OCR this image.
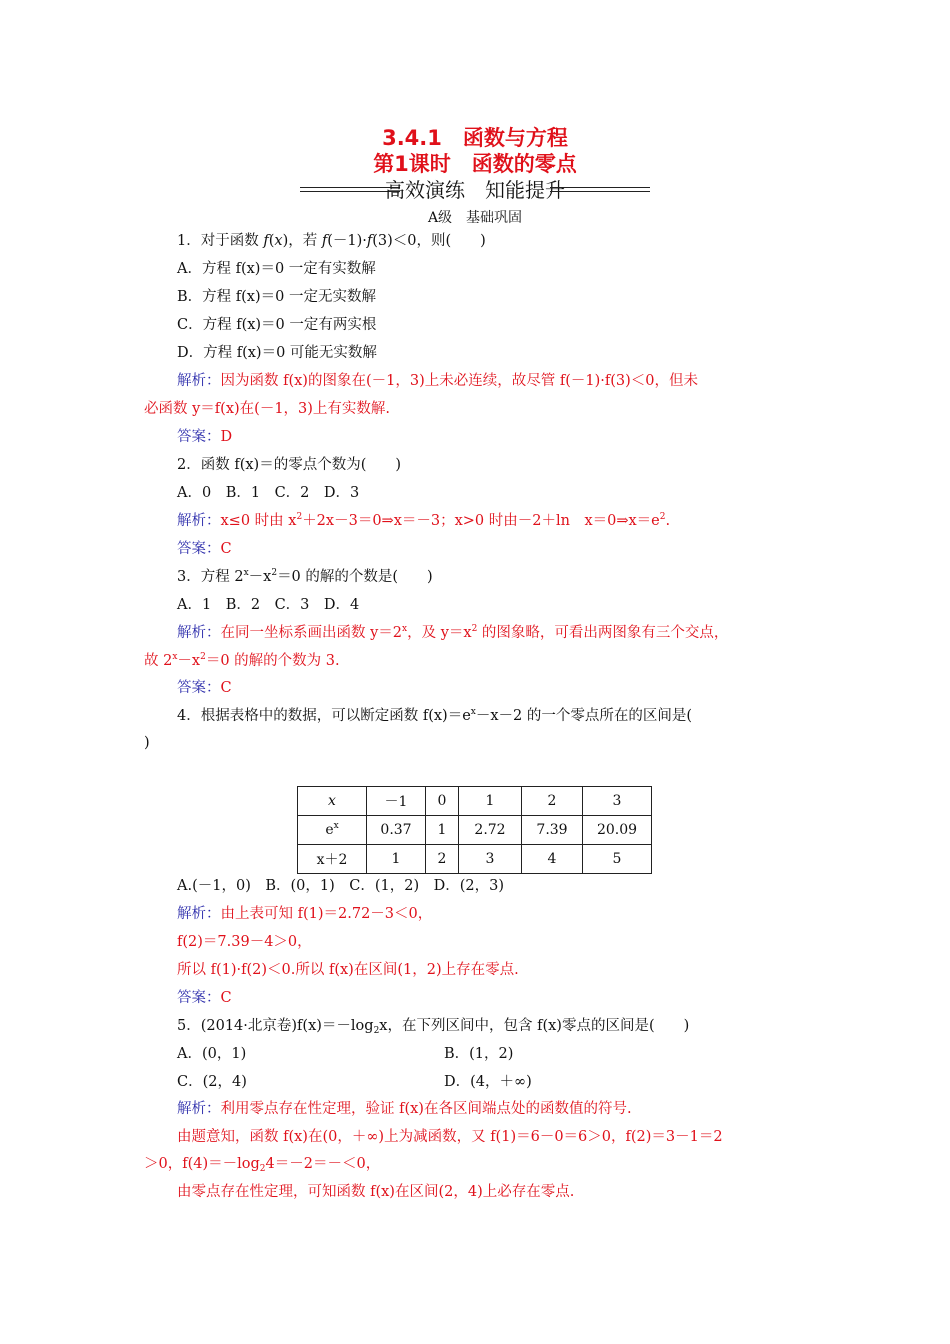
3.4.1　函数与方程
第1课时　函数的零点
高效演练　知能提升
A级　基础巩固
1．对于函数 f(x)，若 f(－1)·f(3)＜0，则(　　)
A．方程 f(x)＝0 一定有实数解
B．方程 f(x)＝0 一定无实数解
C．方程 f(x)＝0 一定有两实根
D．方程 f(x)＝0 可能无实数解
解析：因为函数 f(x)的图象在(－1，3)上未必连续，故尽管 f(－1)·f(3)＜0，但未
必函数 y＝f(x)在(－1，3)上有实数解.
答案：D
2．函数 f(x)＝的零点个数为(　　)
A．0　B．1　C．2　D．3
解析：x≤0 时由 $x^2+2x-3=0\Rightarrow x=-3$；x>0 时由－2＋ln　$x=0\Rightarrow x=e^2$.
答案：C
3．方程 $2^x-x^2=0$ 的解的个数是(　　)
A．1　B．2　C．3　D．4
解析：在同一坐标系画出函数 $y=2^x$，及 $y=x^2$ 的图象略，可看出两图象有三个交点，
故 $2^x-x^2=0$ 的解的个数为 3.
答案：C
4．根据表格中的数据，可以断定函数 $f(x)=e^x-x-2$ 的一个零点所在的区间是(
)
x	－1	0	1	2	3
$e^x$	0.37	1	2.72	7.39	20.09
x＋2	1	2	3	4	5
A.(－1，0)　B．(0，1)　C．(1，2)　D．(2，3)
解析：由上表可知 f(1)＝2.72－3＜0，
f(2)＝7.39－4＞0，
所以 f(1)·f(2)＜0.所以 f(x)在区间(1，2)上存在零点.
答案：C
5．(2014·北京卷)$f(x)=-\log_2x$，在下列区间中，包含 f(x)零点的区间是(　　)
A．(0，1)	B．(1，2)
C．(2，4)	D．(4，＋∞)
解析：利用零点存在性定理，验证 f(x)在各区间端点处的函数值的符号.
由题意知，函数 f(x)在(0，＋∞)上为减函数，又 f(1)＝6－0＝6＞0，f(2)＝3－1＝2
＞0，$f(4)=-\log_24=-2=-<0$，
由零点存在性定理，可知函数 f(x)在区间(2，4)上必存在零点.
